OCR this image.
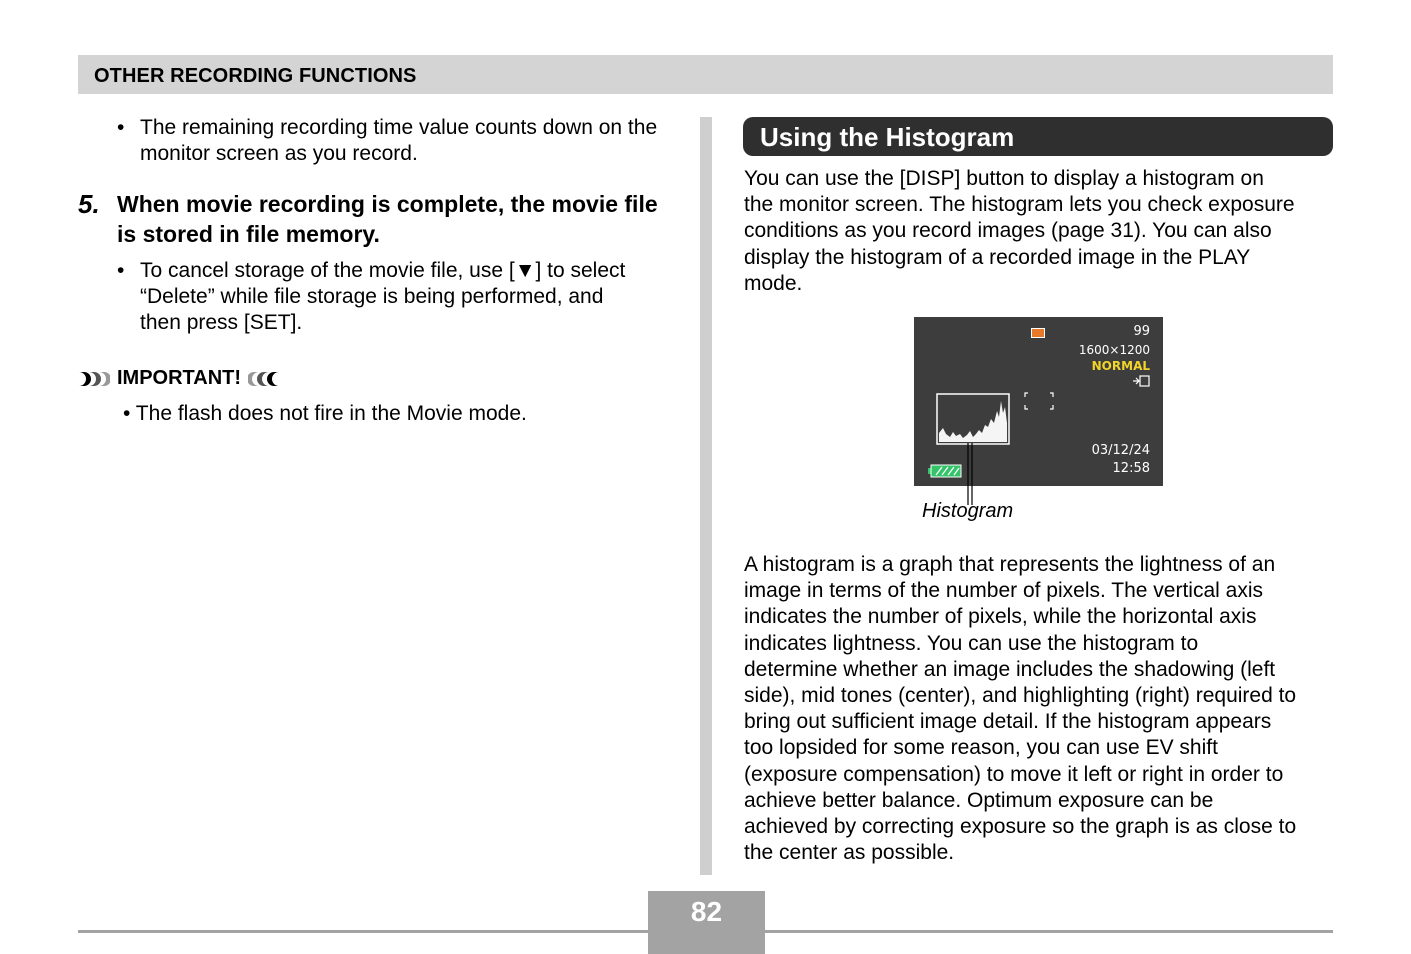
OTHER RECORDING FUNCTIONS
• The remaining recording time value counts down on the monitor screen as you record.
5. When movie recording is complete, the movie file is stored in file memory.
• To cancel storage of the movie file, use [▼] to select
“Delete” while file storage is being performed, and
then press [SET].
IMPORTANT!
• The flash does not fire in the Movie mode.
Using the Histogram
You can use the [DISP] button to display a histogram on
the monitor screen. The histogram lets you check exposure
conditions as you record images (page 31). You can also
display the histogram of a recorded image in the PLAY
mode.
99
1600×1200
NORMAL
03/12/24
12:58
Histogram
A histogram is a graph that represents the lightness of an
image in terms of the number of pixels. The vertical axis
indicates the number of pixels, while the horizontal axis
indicates lightness. You can use the histogram to
determine whether an image includes the shadowing (left
side), mid tones (center), and highlighting (right) required to
bring out sufficient image detail. If the histogram appears
too lopsided for some reason, you can use EV shift
(exposure compensation) to move it left or right in order to
achieve better balance. Optimum exposure can be
achieved by correcting exposure so the graph is as close to
the center as possible.
82
